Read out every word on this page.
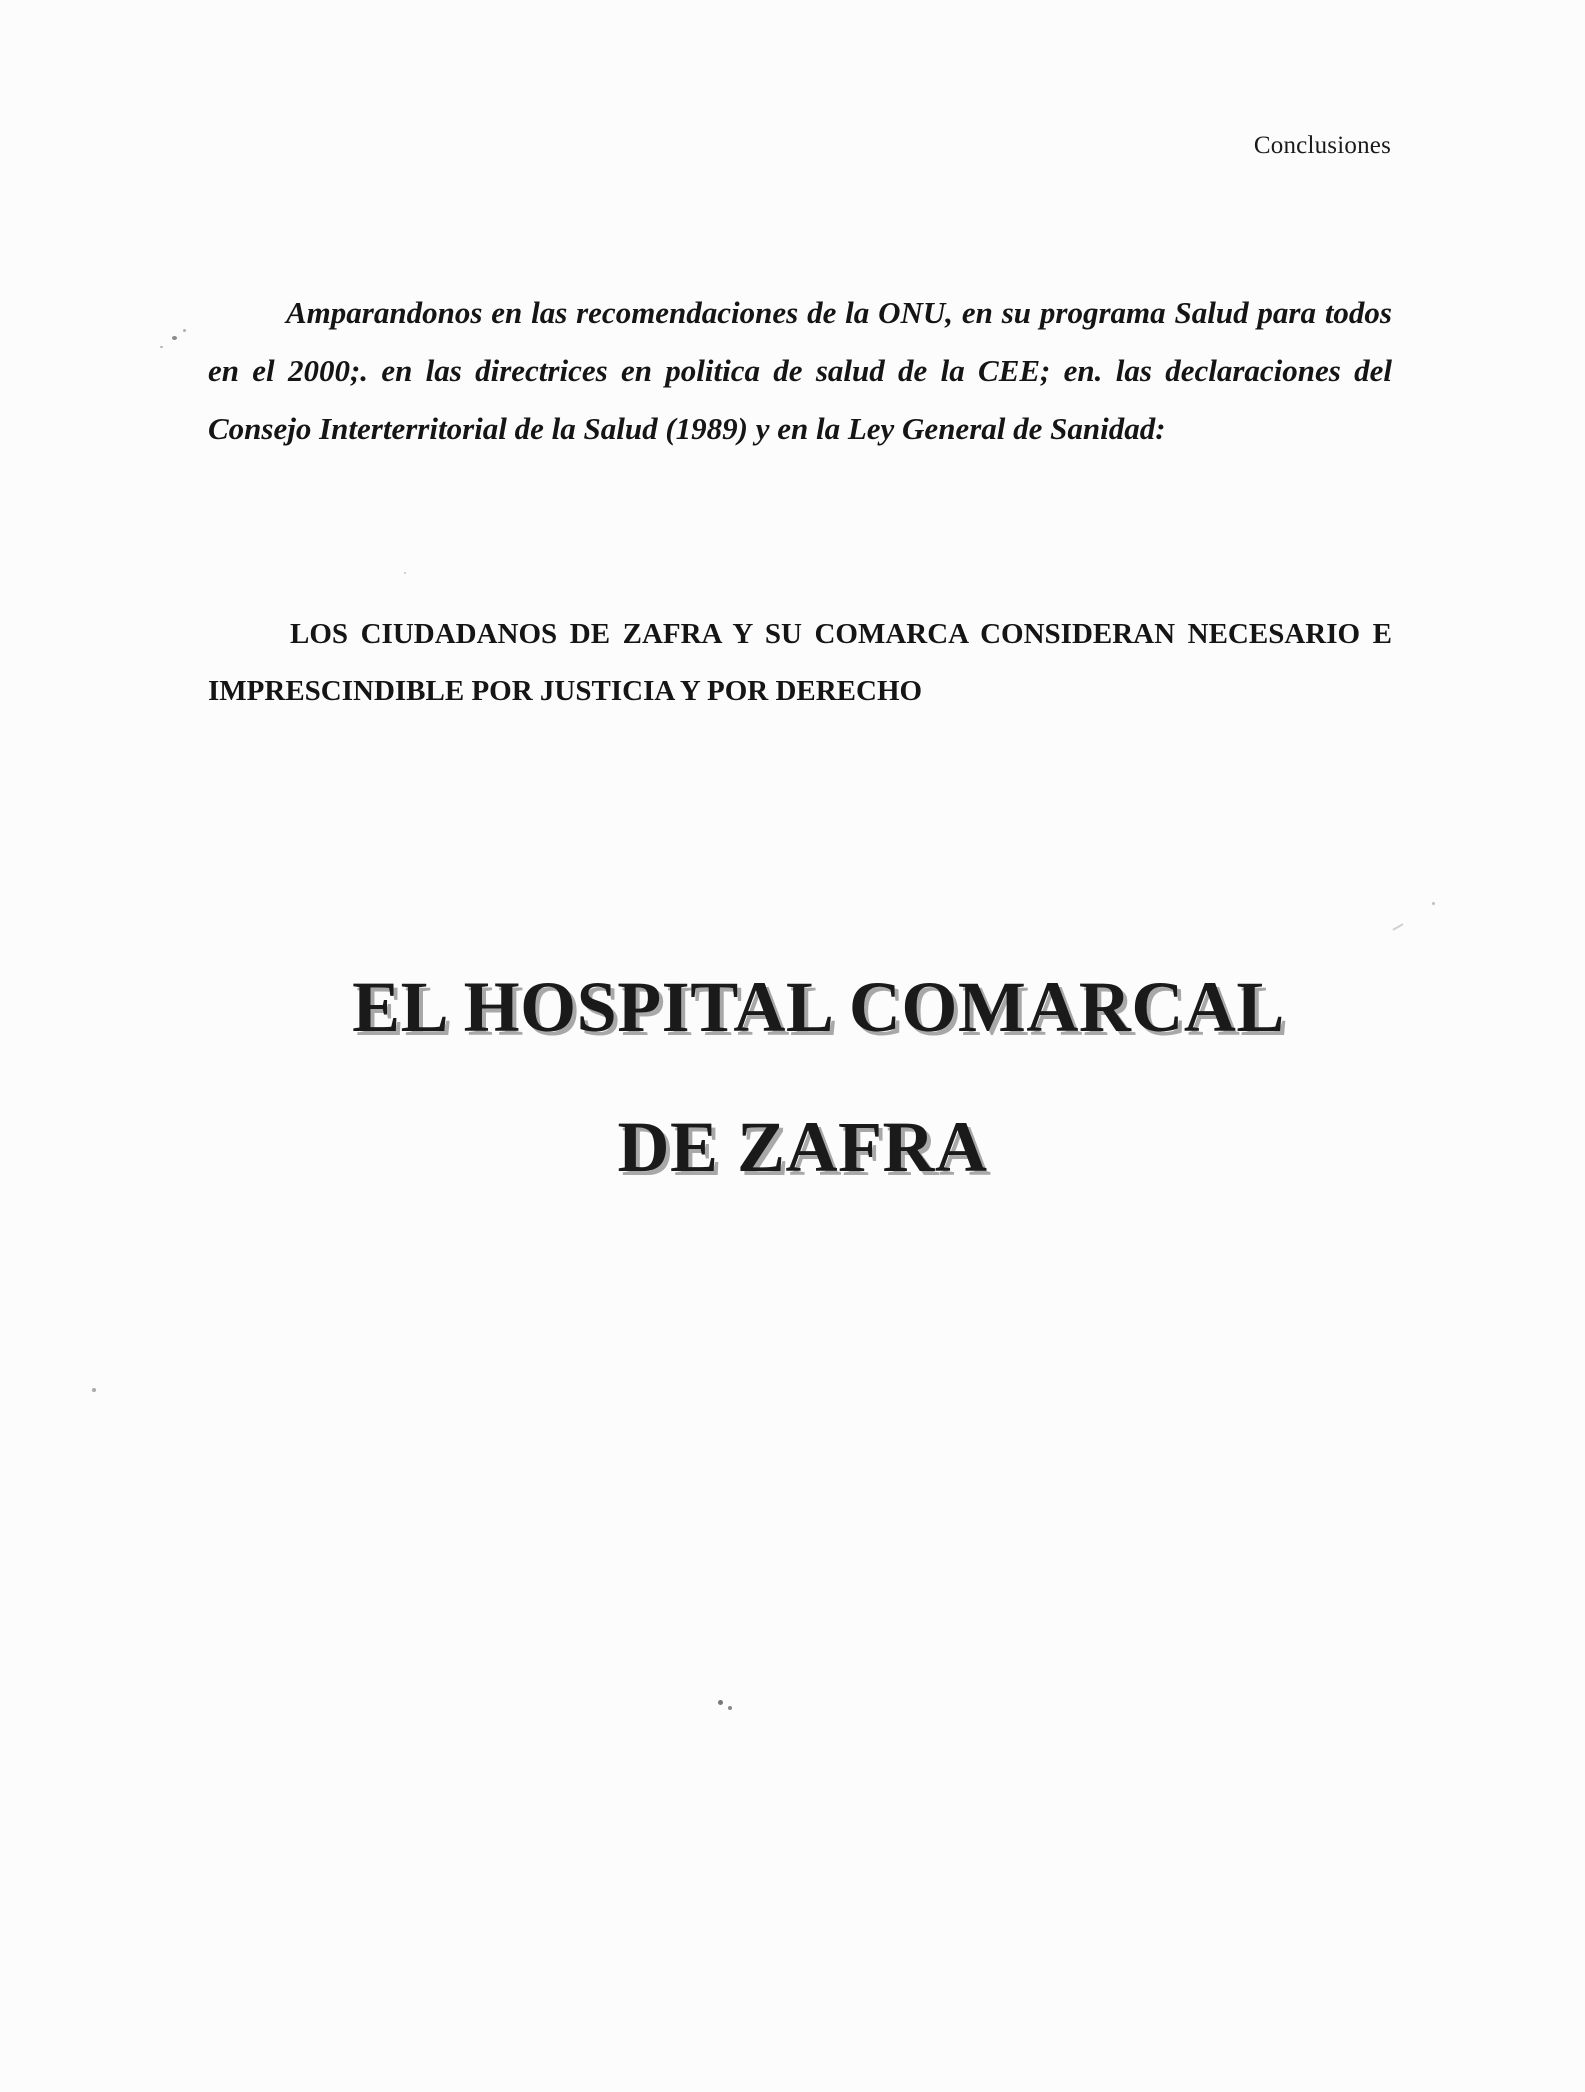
Conclusiones

Amparandonos en las recomendaciones de la ONU, en su programa Salud para todos en el 2000;. en las directrices en politica de salud de la CEE; en. las declaraciones del Consejo Interterritorial de la Salud (1989) y en la Ley General de Sanidad:

LOS CIUDADANOS DE ZAFRA Y SU COMARCA CONSIDERAN NECESARIO E IMPRESCINDIBLE POR JUSTICIA Y POR DERECHO

EL HOSPITAL COMARCAL
DE ZAFRA
